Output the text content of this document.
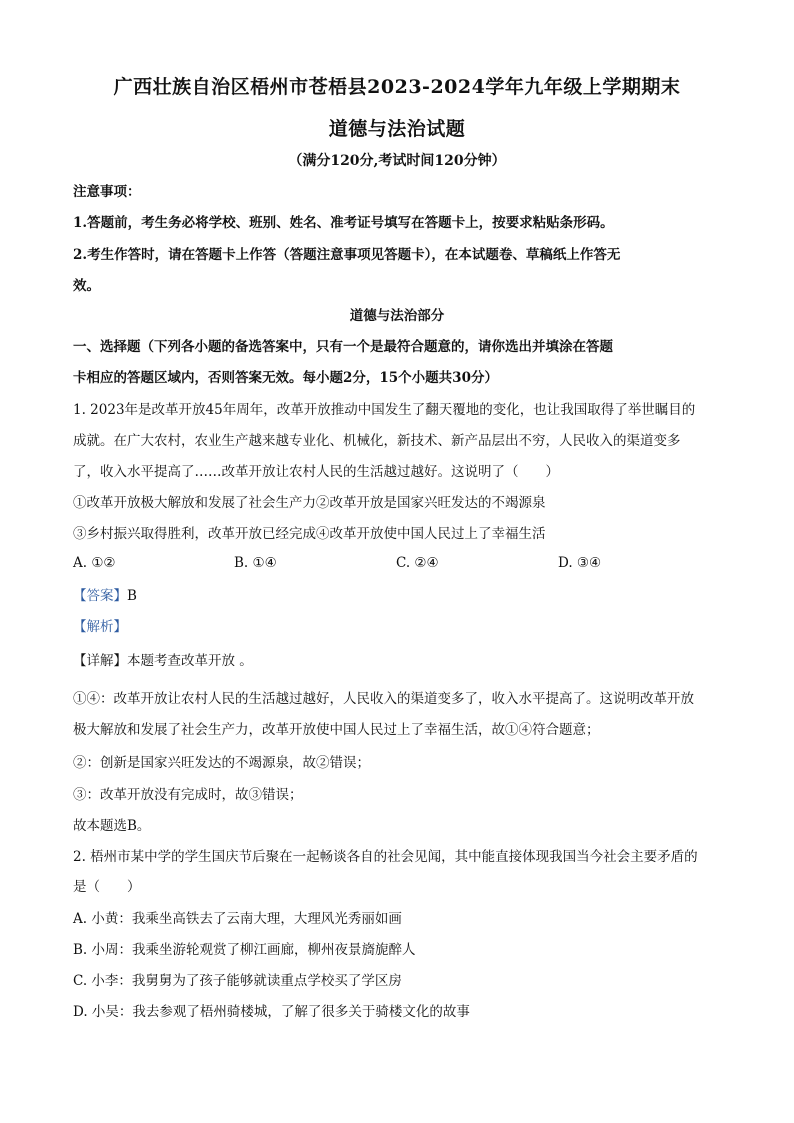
广西壮族自治区梧州市苍梧县2023-2024学年九年级上学期期末
道德与法治试题
（满分120分,考试时间120分钟）
注意事项：
1.答题前，考生务必将学校、班别、姓名、准考证号填写在答题卡上，按要求粘贴条形码。
2.考生作答时，请在答题卡上作答（答题注意事项见答题卡），在本试题卷、草稿纸上作答无
效。
道德与法治部分
一、选择题（下列各小题的备选答案中，只有一个是最符合题意的，请你选出并填涂在答题
卡相应的答题区域内，否则答案无效。每小题2分，15个小题共30分）
1. 2023年是改革开放45年周年，改革开放推动中国发生了翻天覆地的变化，也让我国取得了举世瞩目的
成就。在广大农村，农业生产越来越专业化、机械化，新技术、新产品层出不穷，人民收入的渠道变多
了，收入水平提高了……改革开放让农村人民的生活越过越好。这说明了（　　）
①改革开放极大解放和发展了社会生产力②改革开放是国家兴旺发达的不竭源泉
③乡村振兴取得胜利，改革开放已经完成④改革开放使中国人民过上了幸福生活
A. ①②	B. ①④	C. ②④	D. ③④
【答案】B
【解析】
【详解】本题考查改革开放 。
①④：改革开放让农村人民的生活越过越好，人民收入的渠道变多了，收入水平提高了。这说明改革开放
极大解放和发展了社会生产力，改革开放使中国人民过上了幸福生活，故①④符合题意；
②：创新是国家兴旺发达的不竭源泉，故②错误；
③：改革开放没有完成时，故③错误；
故本题选B。
2. 梧州市某中学的学生国庆节后聚在一起畅谈各自的社会见闻，其中能直接体现我国当今社会主要矛盾的
是（　　）
A. 小黄：我乘坐高铁去了云南大理，大理风光秀丽如画
B. 小周：我乘坐游轮观赏了柳江画廊，柳州夜景旖旎醉人
C. 小李：我舅舅为了孩子能够就读重点学校买了学区房
D. 小吴：我去参观了梧州骑楼城，了解了很多关于骑楼文化的故事
